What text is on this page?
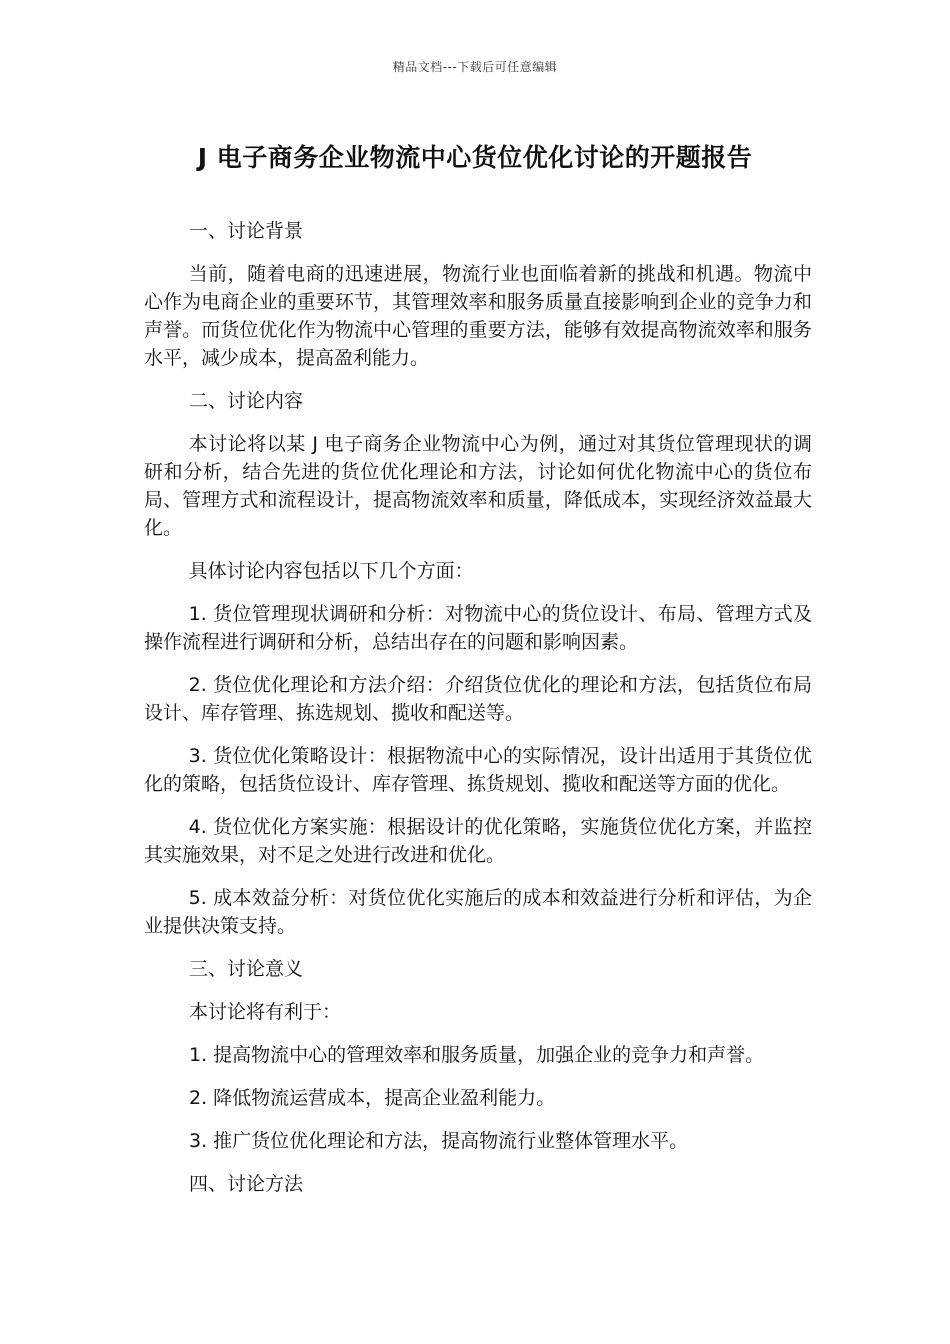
精品文档---下载后可任意编辑
J 电子商务企业物流中心货位优化讨论的开题报告
一、讨论背景
当前，随着电商的迅速进展，物流行业也面临着新的挑战和机遇。物流中心作为电商企业的重要环节，其管理效率和服务质量直接影响到企业的竞争力和声誉。而货位优化作为物流中心管理的重要方法，能够有效提高物流效率和服务水平，减少成本，提高盈利能力。
二、讨论内容
本讨论将以某 J 电子商务企业物流中心为例，通过对其货位管理现状的调研和分析，结合先进的货位优化理论和方法，讨论如何优化物流中心的货位布局、管理方式和流程设计，提高物流效率和质量，降低成本，实现经济效益最大化。
具体讨论内容包括以下几个方面：
1. 货位管理现状调研和分析：对物流中心的货位设计、布局、管理方式及操作流程进行调研和分析，总结出存在的问题和影响因素。
2. 货位优化理论和方法介绍：介绍货位优化的理论和方法，包括货位布局设计、库存管理、拣选规划、揽收和配送等。
3. 货位优化策略设计：根据物流中心的实际情况，设计出适用于其货位优化的策略，包括货位设计、库存管理、拣货规划、揽收和配送等方面的优化。
4. 货位优化方案实施：根据设计的优化策略，实施货位优化方案，并监控其实施效果，对不足之处进行改进和优化。
5. 成本效益分析：对货位优化实施后的成本和效益进行分析和评估，为企业提供决策支持。
三、讨论意义
本讨论将有利于：
1. 提高物流中心的管理效率和服务质量，加强企业的竞争力和声誉。
2. 降低物流运营成本，提高企业盈利能力。
3. 推广货位优化理论和方法，提高物流行业整体管理水平。
四、讨论方法
